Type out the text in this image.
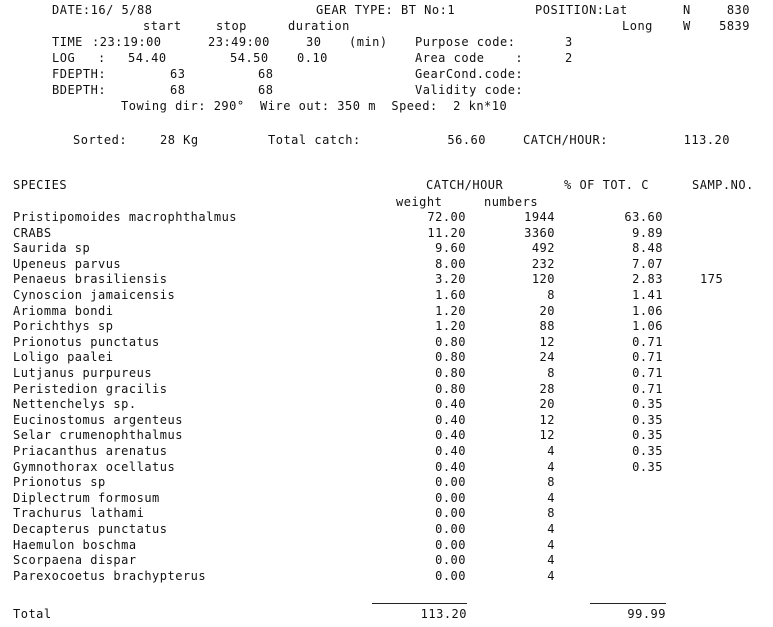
DATE:16/ 5/88	GEAR TYPE: BT No:1	POSITION:Lat	N	830
start	stop	duration	Long	W	5839
TIME :23:19:00	23:49:00	30 (min) Purpose code:	3
LOG : 54.40	54.50 0.10	Area code    :	2
FDEPTH:	63	68	GearCond.code:
BDEPTH:	68	68	Validity code:
Towing dir: 290°  Wire out: 350 m  Speed:  2 kn*10
Sorted:	28 Kg	Total catch:	56.60	CATCH/HOUR:	113.20
SPECIES	CATCH/HOUR	% OF TOT. C	SAMP.NO.
weight	numbers
Pristipomoides macrophthalmus	72.00	1944	63.60
CRABS	11.20	3360	9.89
Saurida sp	9.60	492	8.48
Upeneus parvus	8.00	232	7.07
Penaeus brasiliensis	3.20	120	2.83	175
Cynoscion jamaicensis	1.60	8	1.41
Ariomma bondi	1.20	20	1.06
Porichthys sp	1.20	88	1.06
Prionotus punctatus	0.80	12	0.71
Loligo paalei	0.80	24	0.71
Lutjanus purpureus	0.80	8	0.71
Peristedion gracilis	0.80	28	0.71
Nettenchelys sp.	0.40	20	0.35
Eucinostomus argenteus	0.40	12	0.35
Selar crumenophthalmus	0.40	12	0.35
Priacanthus arenatus	0.40	4	0.35
Gymnothorax ocellatus	0.40	4	0.35
Prionotus sp	0.00	8
Diplectrum formosum	0.00	4
Trachurus lathami	0.00	8
Decapterus punctatus	0.00	4
Haemulon boschma	0.00	4
Scorpaena dispar	0.00	4
Parexocoetus brachypterus	0.00	4
Total	113.20	99.99
